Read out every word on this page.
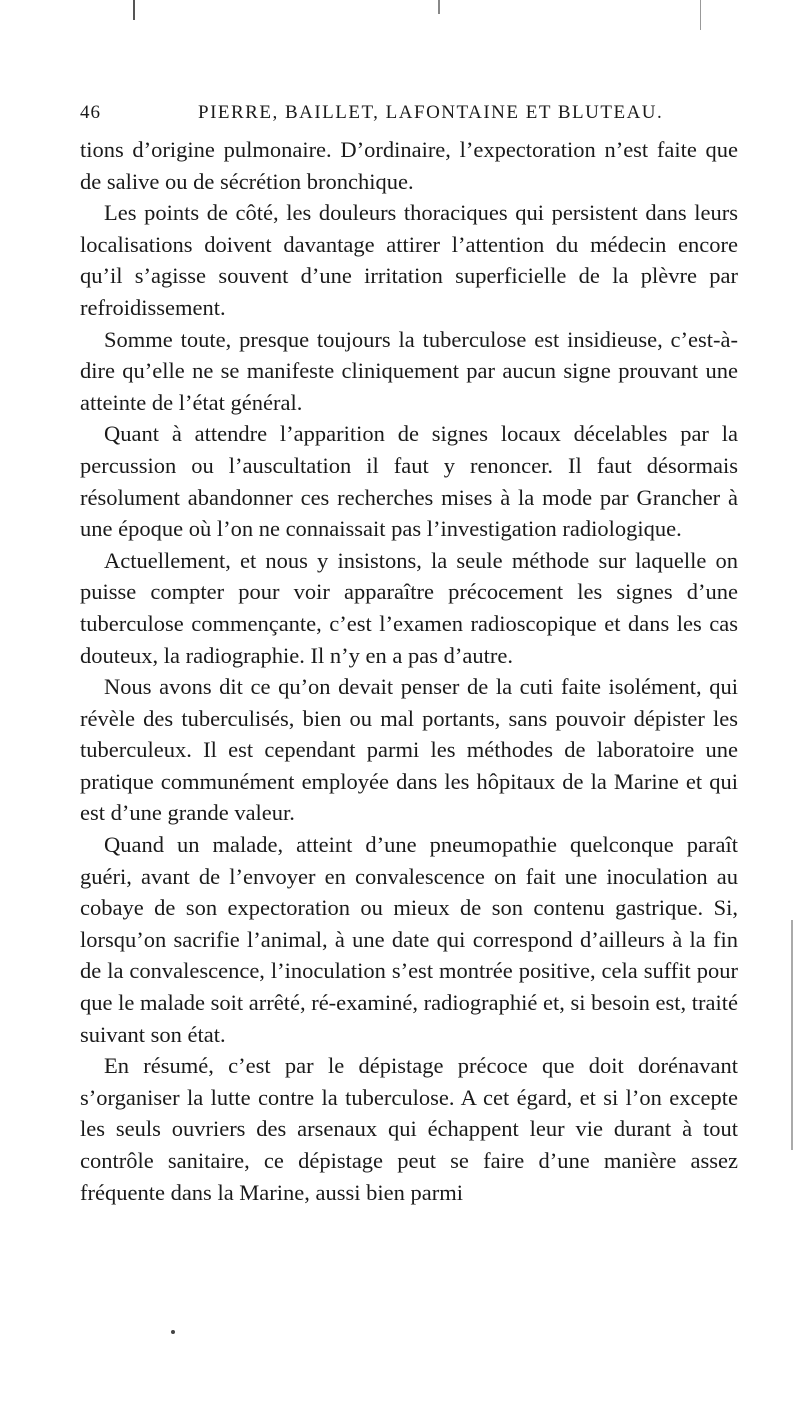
46	PIERRE, BAILLET, LAFONTAINE ET BLUTEAU.

tions d’origine pulmonaire. D’ordinaire, l’expectoration n’est faite que de salive ou de sécrétion bronchique.

Les points de côté, les douleurs thoraciques qui persistent dans leurs localisations doivent davantage attirer l’attention du médecin encore qu’il s’agisse souvent d’une irritation superficielle de la plèvre par refroidissement.

Somme toute, presque toujours la tuberculose est insidieuse, c’est-à-dire qu’elle ne se manifeste cliniquement par aucun signe prouvant une atteinte de l’état général.

Quant à attendre l’apparition de signes locaux décelables par la percussion ou l’auscultation il faut y renoncer. Il faut désormais résolument abandonner ces recherches mises à la mode par Grancher à une époque où l’on ne connaissait pas l’investigation radiologique.

Actuellement, et nous y insistons, la seule méthode sur laquelle on puisse compter pour voir apparaître précocement les signes d’une tuberculose commençante, c’est l’examen radioscopique et dans les cas douteux, la radiographie. Il n’y en a pas d’autre.

Nous avons dit ce qu’on devait penser de la cuti faite isolément, qui révèle des tuberculisés, bien ou mal portants, sans pouvoir dépister les tuberculeux. Il est cependant parmi les méthodes de laboratoire une pratique communément employée dans les hôpitaux de la Marine et qui est d’une grande valeur.

Quand un malade, atteint d’une pneumopathie quelconque paraît guéri, avant de l’envoyer en convalescence on fait une inoculation au cobaye de son expectoration ou mieux de son contenu gastrique. Si, lorsqu’on sacrifie l’animal, à une date qui correspond d’ailleurs à la fin de la convalescence, l’inoculation s’est montrée positive, cela suffit pour que le malade soit arrêté, ré-examiné, radiographié et, si besoin est, traité suivant son état.

En résumé, c’est par le dépistage précoce que doit dorénavant s’organiser la lutte contre la tuberculose. A cet égard, et si l’on excepte les seuls ouvriers des arsenaux qui échappent leur vie durant à tout contrôle sanitaire, ce dépistage peut se faire d’une manière assez fréquente dans la Marine, aussi bien parmi
